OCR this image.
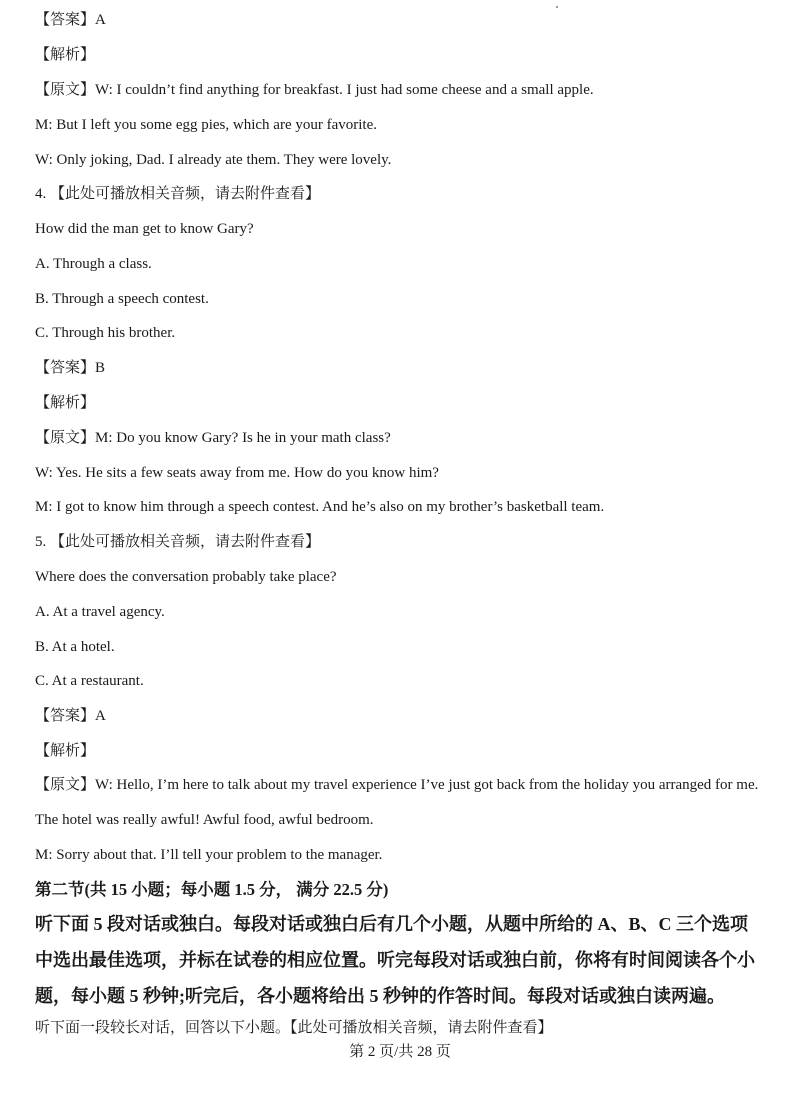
【答案】A
【解析】
【原文】W: I couldn’t find anything for breakfast. I just had some cheese and a small apple.
M: But I left you some egg pies, which are your favorite.
W: Only joking, Dad. I already ate them. They were lovely.
4. 【此处可播放相关音频，请去附件查看】
How did the man get to know Gary?
A. Through a class.
B. Through a speech contest.
C. Through his brother.
【答案】B
【解析】
【原文】M: Do you know Gary? Is he in your math class?
W: Yes. He sits a few seats away from me. How do you know him?
M: I got to know him through a speech contest. And he’s also on my brother’s basketball team.
5. 【此处可播放相关音频，请去附件查看】
Where does the conversation probably take place?
A. At a travel agency.
B. At a hotel.
C. At a restaurant.
【答案】A
【解析】
【原文】W: Hello, I’m here to talk about my travel experience I’ve just got back from the holiday you arranged for me. The hotel was really awful! Awful food, awful bedroom.
M: Sorry about that. I’ll tell your problem to the manager.
第二节(共 15 小题；每小题 1.5 分， 满分 22.5 分)
听下面 5 段对话或独白。每段对话或独白后有几个小题，从题中所给的 A、B、C 三个选项中选出最佳选项，并标在试卷的相应位置。听完每段对话或独白前，你将有时间阅读各个小题，每小题 5 秒钟;听完后，各小题将给出 5 秒钟的作答时间。每段对话或独白读两遍。
听下面一段较长对话，回答以下小题。【此处可播放相关音频，请去附件查看】
第 2 页/共 28 页
